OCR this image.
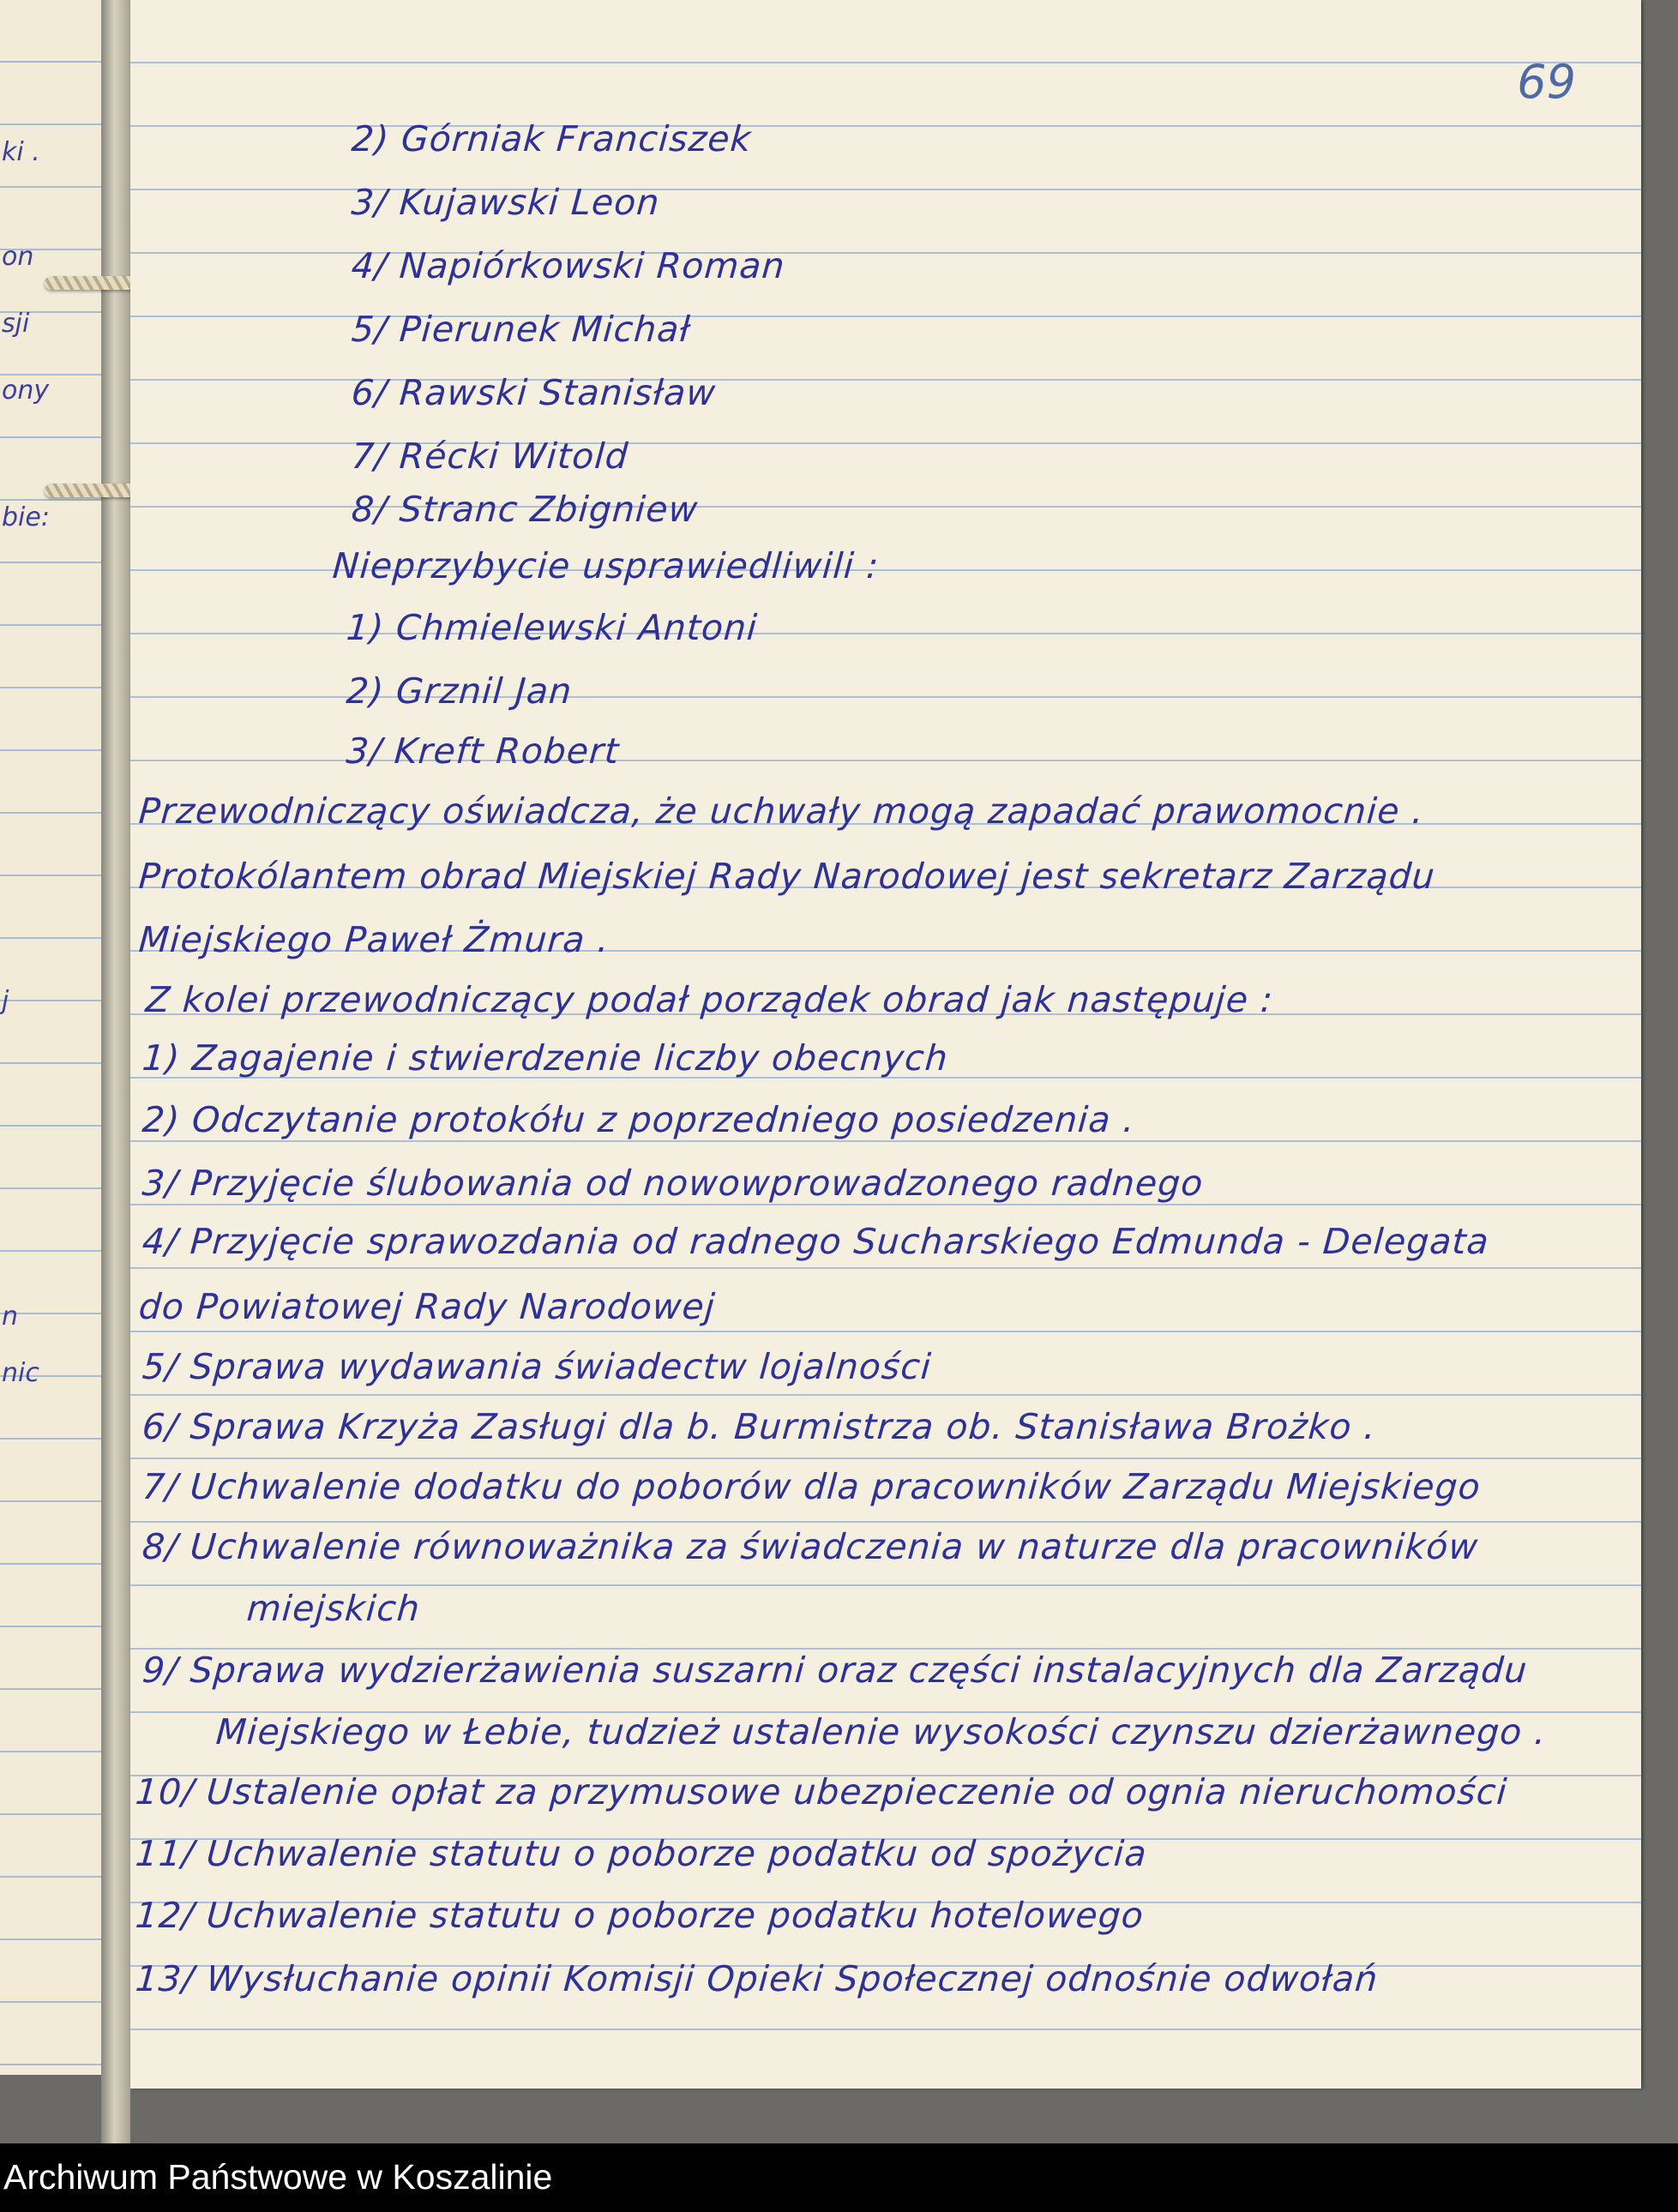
ki .
on
sji
ony
bie:
j
n
nic
69
2) Górniak Franciszek
3/ Kujawski Leon
4/ Napiórkowski Roman
5/ Pierunek Michał
6/ Rawski Stanisław
7/ Récki Witold
8/ Stranc Zbigniew
Nieprzybycie usprawiedliwili :
1) Chmielewski Antoni
2) Grznil Jan
3/ Kreft Robert
Przewodniczący oświadcza, że uchwały mogą zapadać prawomocnie .
Protokólantem obrad Miejskiej Rady Narodowej jest sekretarz Zarządu
Miejskiego Paweł Żmura .
Z kolei przewodniczący podał porządek obrad jak następuje :
1) Zagajenie i stwierdzenie liczby obecnych
2) Odczytanie protokółu z poprzedniego posiedzenia .
3/ Przyjęcie ślubowania od nowowprowadzonego radnego
4/ Przyjęcie sprawozdania od radnego Sucharskiego Edmunda - Delegata
do Powiatowej Rady Narodowej
5/ Sprawa wydawania świadectw lojalności
6/ Sprawa Krzyża Zasługi dla b. Burmistrza ob. Stanisława Brożko .
7/ Uchwalenie dodatku do poborów dla pracowników Zarządu Miejskiego
8/ Uchwalenie równoważnika za świadczenia w naturze dla pracowników
miejskich
9/ Sprawa wydzierżawienia suszarni oraz części instalacyjnych dla Zarządu
Miejskiego w Łebie, tudzież ustalenie wysokości czynszu dzierżawnego .
10/ Ustalenie opłat za przymusowe ubezpieczenie od ognia nieruchomości
11/ Uchwalenie statutu o poborze podatku od spożycia
12/ Uchwalenie statutu o poborze podatku hotelowego
13/ Wysłuchanie opinii Komisji Opieki Społecznej odnośnie odwołań
Archiwum Państwowe w Koszalinie
